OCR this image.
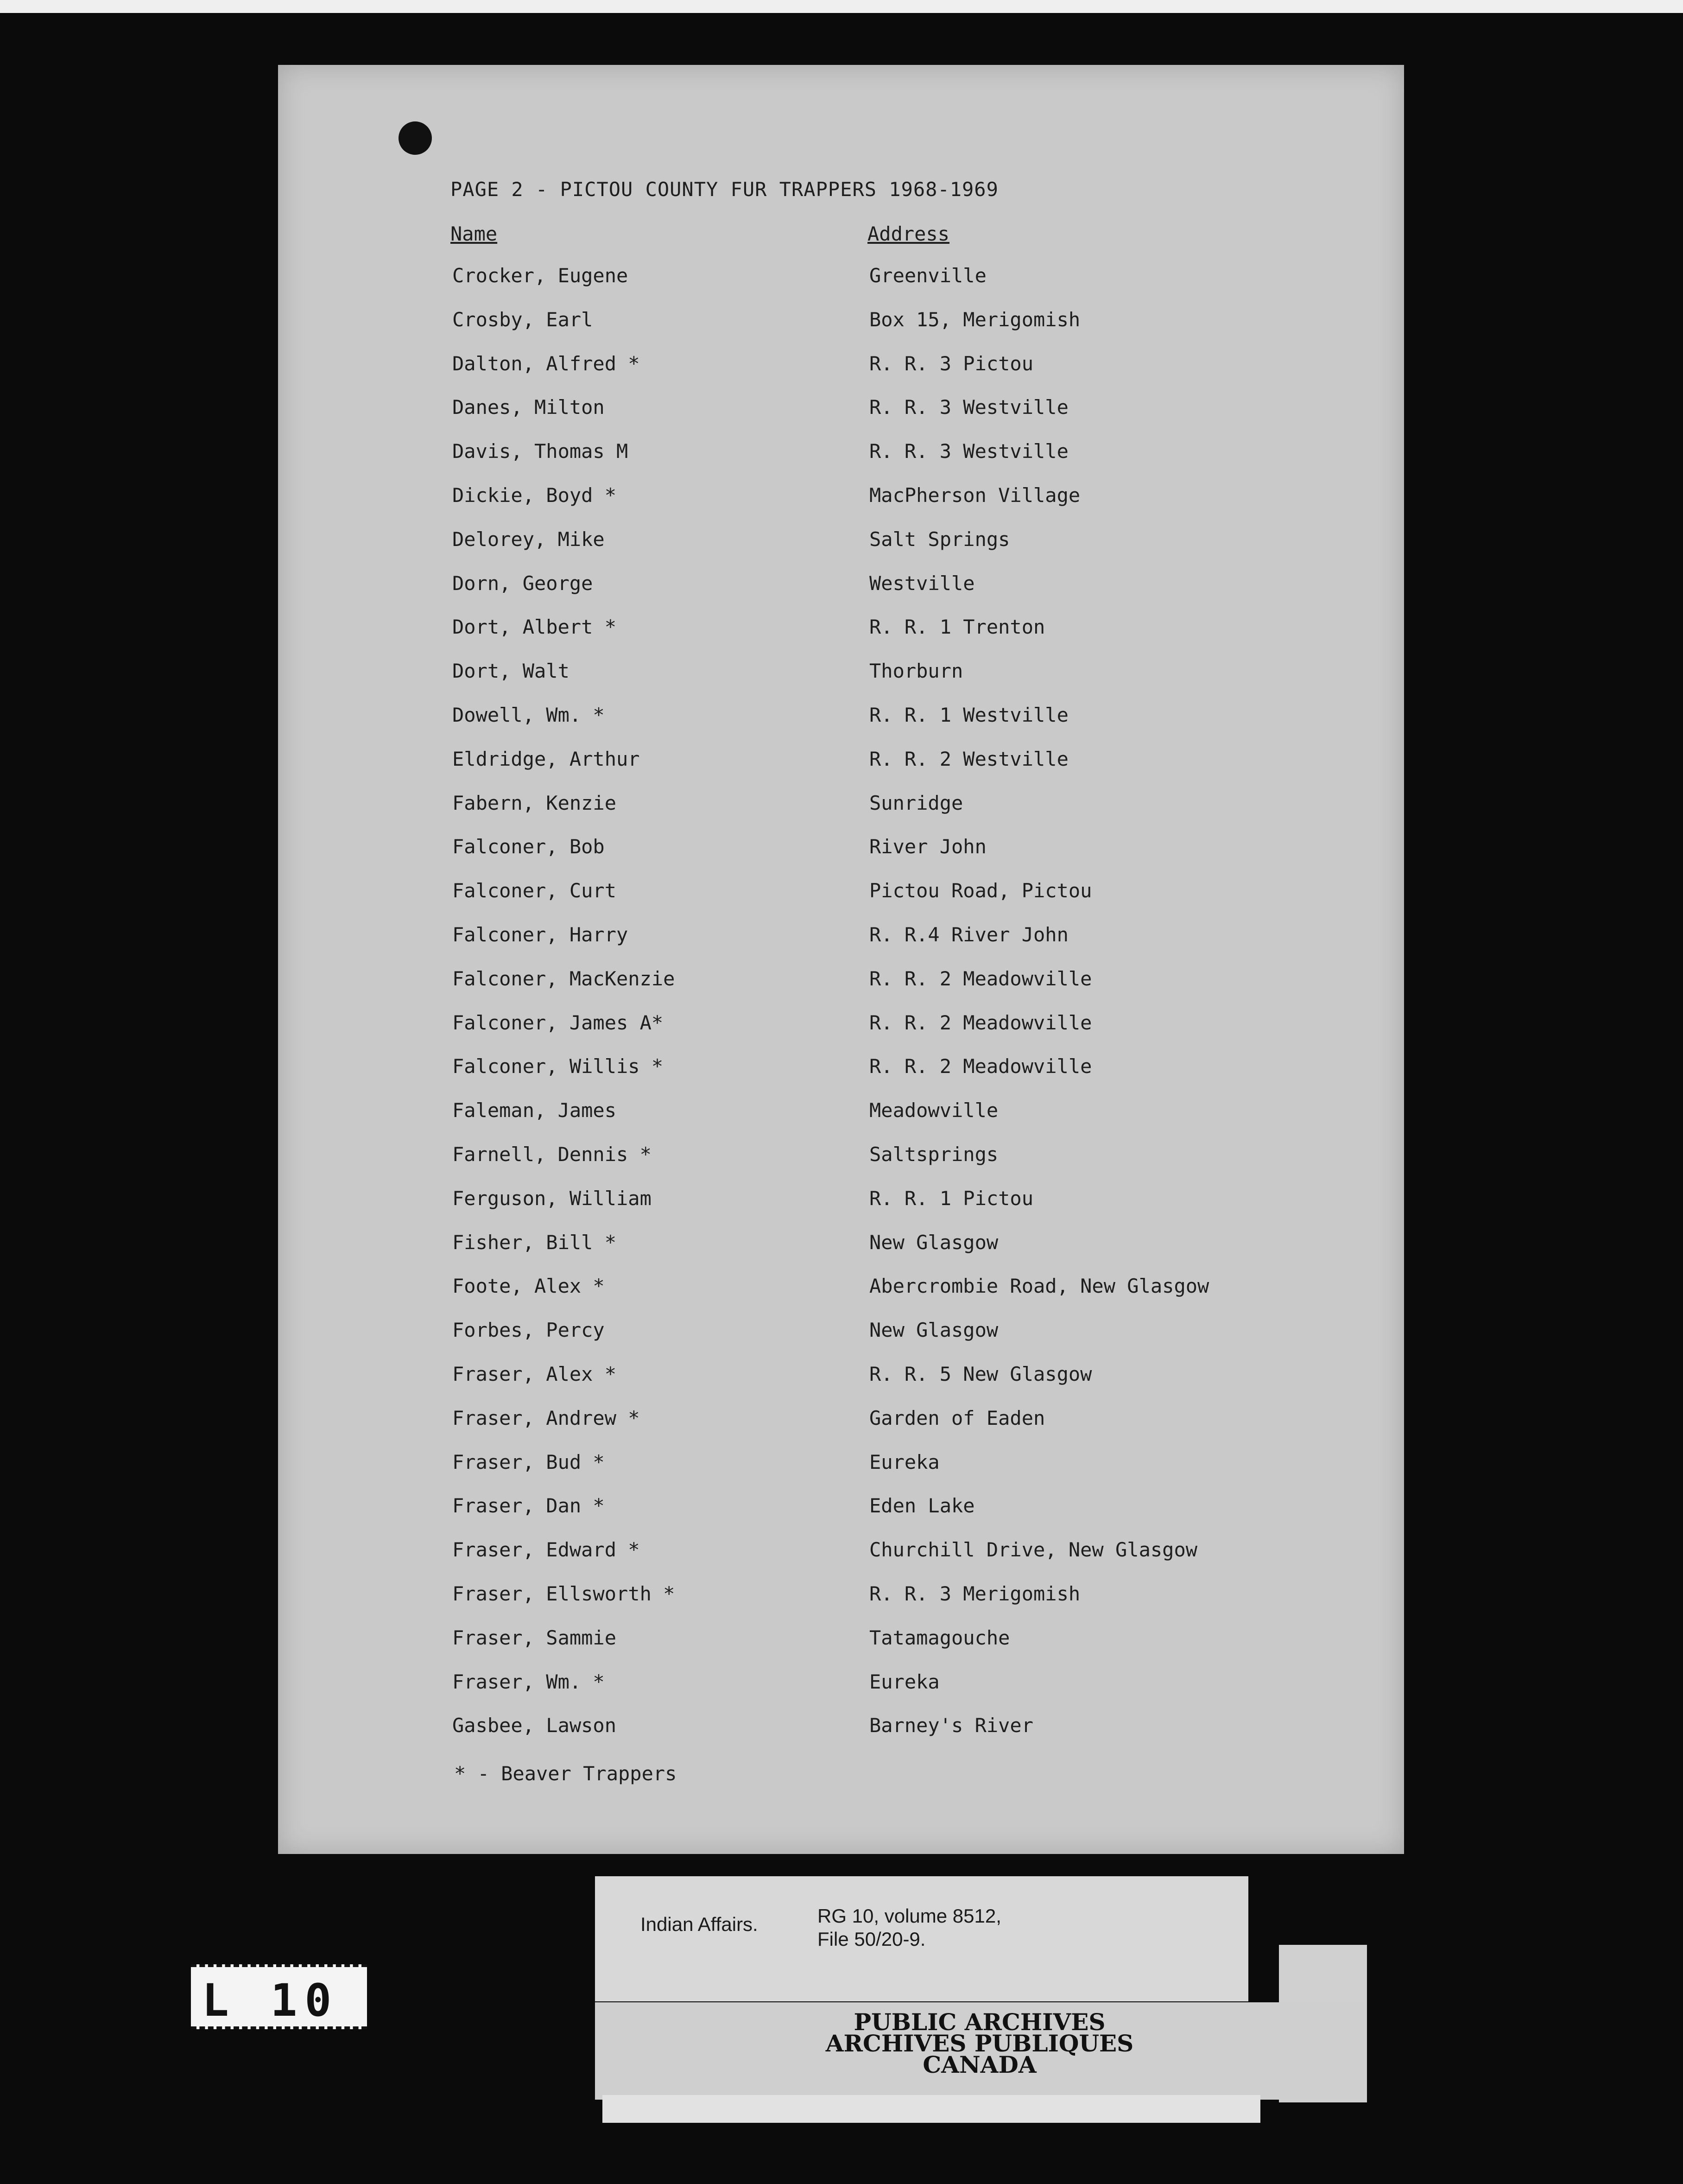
PAGE 2 - PICTOU COUNTY FUR TRAPPERS 1968-1969
Name	Address
Crocker, Eugene	Greenville
Crosby, Earl	Box 15, Merigomish
Dalton, Alfred *	R. R. 3 Pictou
Danes, Milton	R. R. 3 Westville
Davis, Thomas M	R. R. 3 Westville
Dickie, Boyd *	MacPherson Village
Delorey, Mike	Salt Springs
Dorn, George	Westville
Dort, Albert *	R. R. 1 Trenton
Dort, Walt	Thorburn
Dowell, Wm. *	R. R. 1 Westville
Eldridge, Arthur	R. R. 2 Westville
Fabern, Kenzie	Sunridge
Falconer, Bob	River John
Falconer, Curt	Pictou Road, Pictou
Falconer, Harry	R. R.4 River John
Falconer, MacKenzie	R. R. 2 Meadowville
Falconer, James A*	R. R. 2 Meadowville
Falconer, Willis *	R. R. 2 Meadowville
Faleman, James	Meadowville
Farnell, Dennis *	Saltsprings
Ferguson, William	R. R. 1 Pictou
Fisher, Bill *	New Glasgow
Foote, Alex *	Abercrombie Road, New Glasgow
Forbes, Percy	New Glasgow
Fraser, Alex *	R. R. 5 New Glasgow
Fraser, Andrew *	Garden of Eaden
Fraser, Bud *	Eureka
Fraser, Dan *	Eden Lake
Fraser, Edward *	Churchill Drive, New Glasgow
Fraser, Ellsworth *	R. R. 3 Merigomish
Fraser, Sammie	Tatamagouche
Fraser, Wm. *	Eureka
Gasbee, Lawson	Barney's River
* - Beaver Trappers
L 10
Indian Affairs.	RG 10, volume 8512,
File 50/20-9.
PUBLIC ARCHIVES
ARCHIVES PUBLIQUES
CANADA
